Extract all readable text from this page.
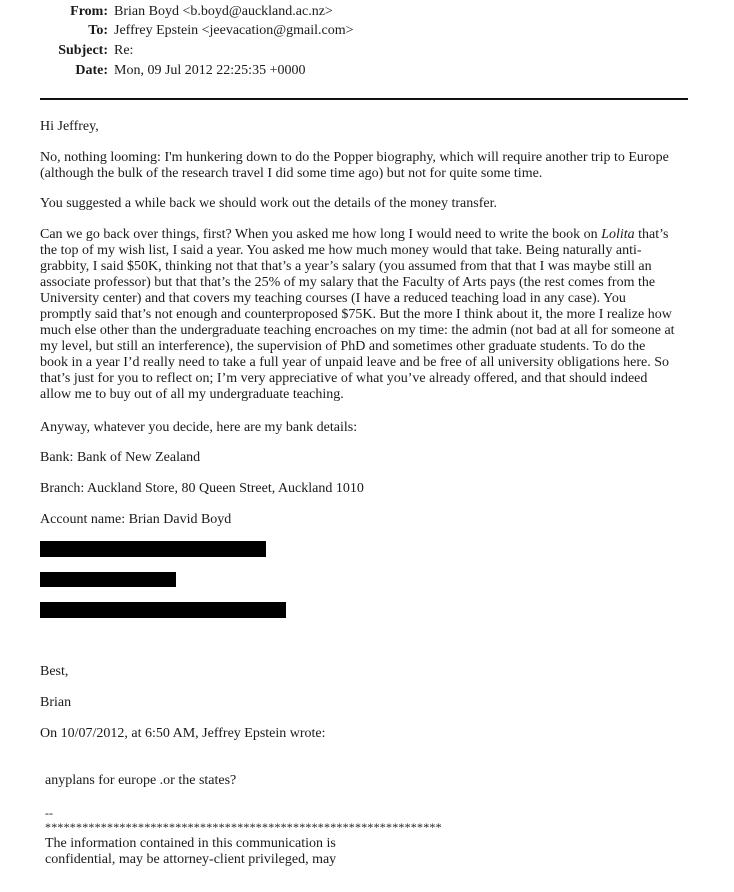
From: Brian Boyd <b.boyd@auckland.ac.nz>
To: Jeffrey Epstein <jeevacation@gmail.com>
Subject: Re:
Date: Mon, 09 Jul 2012 22:25:35 +0000

Hi Jeffrey,

No, nothing looming: I'm hunkering down to do the Popper biography, which will require another trip to Europe
(although the bulk of the research travel I did some time ago) but not for quite some time.

You suggested a while back we should work out the details of the money transfer.

Can we go back over things, first? When you asked me how long I would need to write the book on Lolita that’s
the top of my wish list, I said a year. You asked me how much money would that take. Being naturally anti-
grabbity, I said $50K, thinking not that that’s a year’s salary (you assumed from that that I was maybe still an
associate professor) but that that’s the 25% of my salary that the Faculty of Arts pays (the rest comes from the
University center) and that covers my teaching courses (I have a reduced teaching load in any case). You
promptly said that’s not enough and counterproposed $75K. But the more I think about it, the more I realize how
much else other than the undergraduate teaching encroaches on my time: the admin (not bad at all for someone at
my level, but still an interference), the supervision of PhD and sometimes other graduate students. To do the
book in a year I’d really need to take a full year of unpaid leave and be free of all university obligations here. So
that’s just for you to reflect on; I’m very appreciative of what you’ve already offered, and that should indeed
allow me to buy out of all my undergraduate teaching.

Anyway, whatever you decide, here are my bank details:

Bank: Bank of New Zealand

Branch: Auckland Store, 80 Queen Street, Auckland 1010

Account name: Brian David Boyd

Best,

Brian

On 10/07/2012, at 6:50 AM, Jeffrey Epstein wrote:

anyplans for europe .or the states?
--
****************************************************************
The information contained in this communication is
confidential, may be attorney-client privileged, may
